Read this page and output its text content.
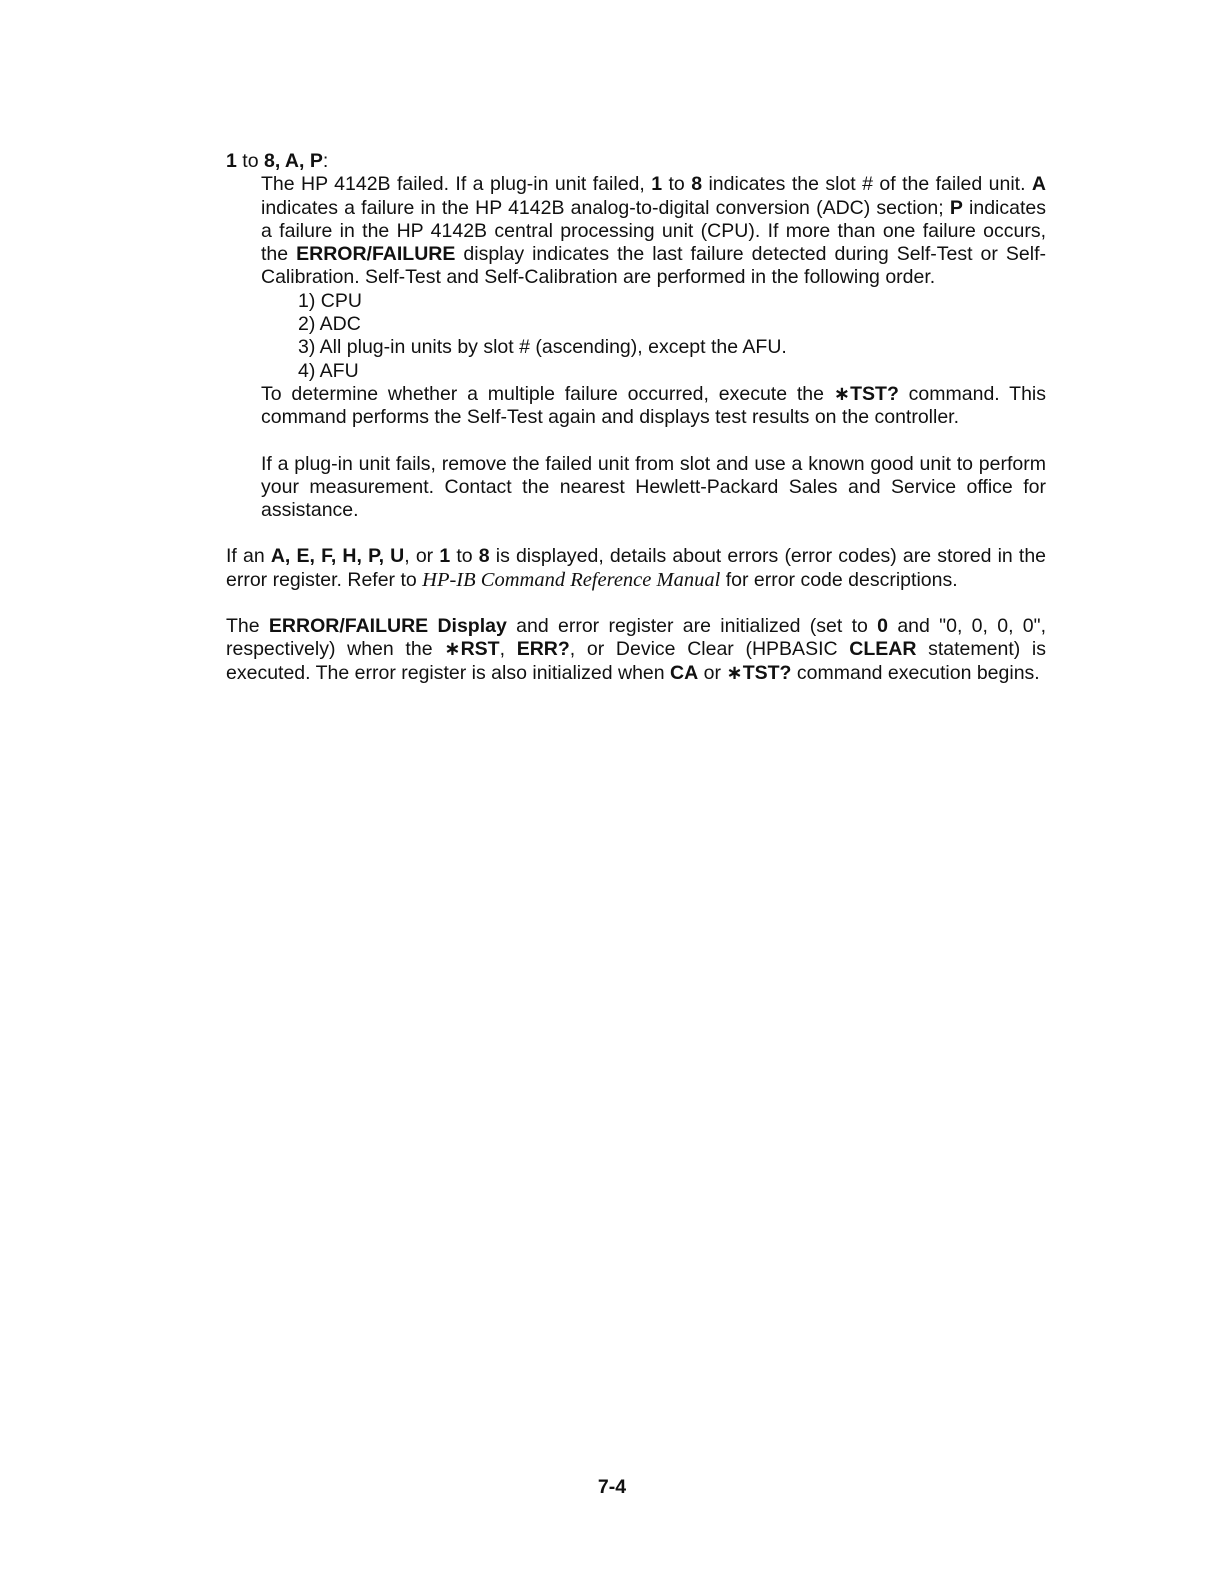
1 to 8, A, P:

The HP 4142B failed. If a plug-in unit failed, 1 to 8 indicates the slot # of the failed unit. A indicates a failure in the HP 4142B analog-to-digital conversion (ADC) section; P indicates a failure in the HP 4142B central processing unit (CPU). If more than one failure occurs, the ERROR/FAILURE display indicates the last failure detected during Self-Test or Self-Calibration. Self-Test and Self-Calibration are performed in the following order.

1) CPU
2) ADC
3) All plug-in units by slot # (ascending), except the AFU.
4) AFU

To determine whether a multiple failure occurred, execute the ∗TST? command. This command performs the Self-Test again and displays test results on the controller.

If a plug-in unit fails, remove the failed unit from slot and use a known good unit to perform your measurement. Contact the nearest Hewlett-Packard Sales and Service office for assistance.

If an A, E, F, H, P, U, or 1 to 8 is displayed, details about errors (error codes) are stored in the error register. Refer to HP-IB Command Reference Manual for error code descriptions.

The ERROR/FAILURE Display and error register are initialized (set to 0 and "0, 0, 0, 0", respectively) when the ∗RST, ERR?, or Device Clear (HPBASIC CLEAR statement) is executed. The error register is also initialized when CA or ∗TST? command execution begins.

7-4
